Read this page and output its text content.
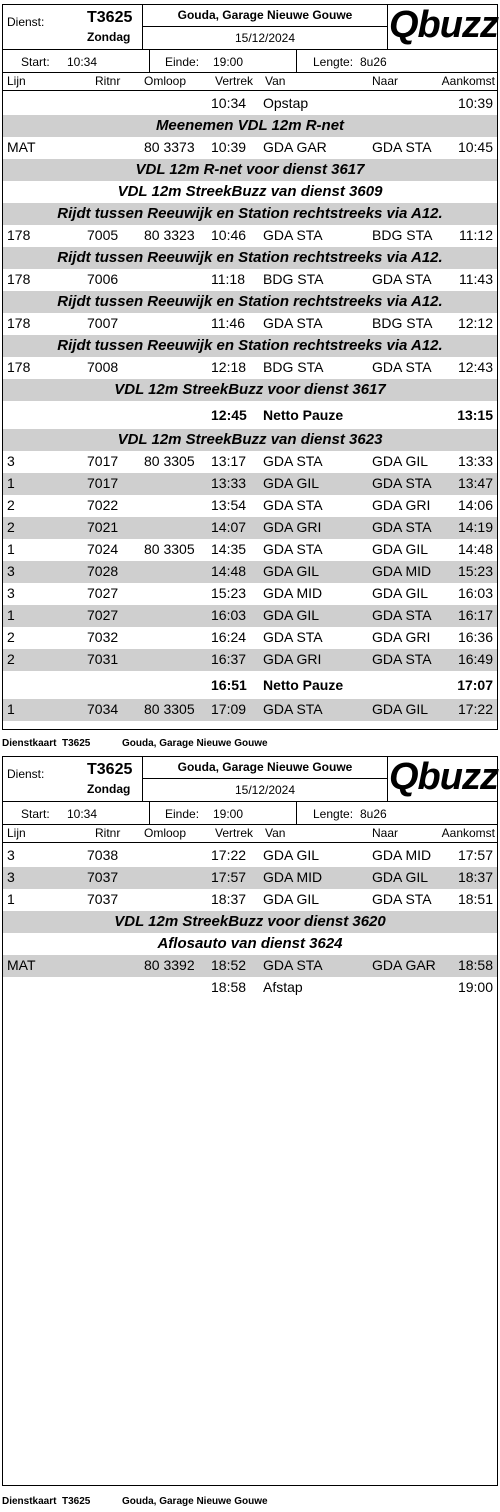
Dienst:	T3625
Zondag
Gouda, Garage Nieuwe Gouwe
15/12/2024	Qbuzz
Start: 10:34	Einde: 19:00	Lengte: 8u26
Lijn	Ritnr Omloop Vertrek Van	Naar	Aankomst
10:34 Opstap	10:39
Meenemen VDL 12m R-net
MAT	80 3373 10:39 GDA GAR	GDA STA 10:45
VDL 12m R-net voor dienst 3617
VDL 12m StreekBuzz van dienst 3609
Rijdt tussen Reeuwijk en Station rechtstreeks via A12.
178	7005 80 3323 10:46 GDA STA	BDG STA 11:12
Rijdt tussen Reeuwijk en Station rechtstreeks via A12.
178	7006	11:18 BDG STA	GDA STA 11:43
Rijdt tussen Reeuwijk en Station rechtstreeks via A12.
178	7007	11:46 GDA STA	BDG STA 12:12
Rijdt tussen Reeuwijk en Station rechtstreeks via A12.
178	7008	12:18 BDG STA	GDA STA 12:43
VDL 12m StreekBuzz voor dienst 3617
12:45 Netto Pauze	13:15
VDL 12m StreekBuzz van dienst 3623
3	7017 80 3305 13:17 GDA STA	GDA GIL 13:33
1	7017	13:33 GDA GIL	GDA STA 13:47
2	7022	13:54 GDA STA	GDA GRI 14:06
2	7021	14:07 GDA GRI	GDA STA 14:19
1	7024 80 3305 14:35 GDA STA	GDA GIL 14:48
3	7028	14:48 GDA GIL	GDA MID 15:23
3	7027	15:23 GDA MID	GDA GIL 16:03
1	7027	16:03 GDA GIL	GDA STA 16:17
2	7032	16:24 GDA STA	GDA GRI 16:36
2	7031	16:37 GDA GRI	GDA STA 16:49
16:51 Netto Pauze	17:07
1	7034 80 3305 17:09 GDA STA	GDA GIL 17:22
Dienstkaart T3625	Gouda, Garage Nieuwe Gouwe
Dienst:	T3625
Zondag
Gouda, Garage Nieuwe Gouwe
15/12/2024	Qbuzz
Start: 10:34	Einde: 19:00	Lengte: 8u26
Lijn	Ritnr Omloop Vertrek Van	Naar	Aankomst
3	7038	17:22 GDA GIL	GDA MID 17:57
3	7037	17:57 GDA MID	GDA GIL 18:37
1	7037	18:37 GDA GIL	GDA STA 18:51
VDL 12m StreekBuzz voor dienst 3620
Aflosauto van dienst 3624
MAT	80 3392 18:52 GDA STA	GDA GAR 18:58
18:58 Afstap	19:00
Dienstkaart T3625	Gouda, Garage Nieuwe Gouwe
